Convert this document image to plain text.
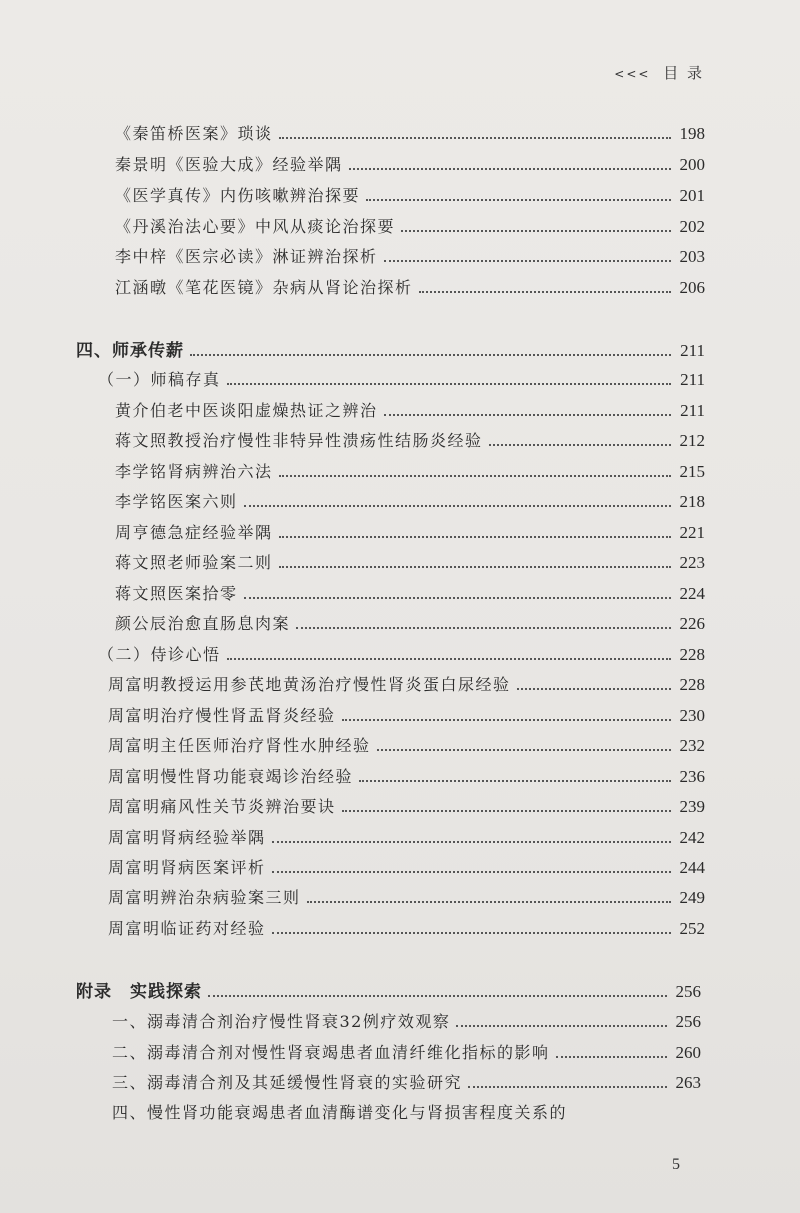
<<< 目 录
《秦笛桥医案》琐谈	198
秦景明《医验大成》经验举隅	200
《医学真传》内伤咳嗽辨治探要	201
《丹溪治法心要》中风从痰论治探要	202
李中梓《医宗必读》淋证辨治探析	203
江涵暾《笔花医镜》杂病从肾论治探析	206
四、师承传薪	211
（一）师稿存真	211
黄介伯老中医谈阳虚燥热证之辨治	211
蒋文照教授治疗慢性非特异性溃疡性结肠炎经验	212
李学铭肾病辨治六法	215
李学铭医案六则	218
周亨德急症经验举隅	221
蒋文照老师验案二则	223
蒋文照医案拾零	224
颜公辰治愈直肠息肉案	226
（二）侍诊心悟	228
周富明教授运用参芪地黄汤治疗慢性肾炎蛋白尿经验	228
周富明治疗慢性肾盂肾炎经验	230
周富明主任医师治疗肾性水肿经验	232
周富明慢性肾功能衰竭诊治经验	236
周富明痛风性关节炎辨治要诀	239
周富明肾病经验举隅	242
周富明肾病医案评析	244
周富明辨治杂病验案三则	249
周富明临证药对经验	252
附录　实践探索	256
一、溺毒清合剂治疗慢性肾衰32例疗效观察	256
二、溺毒清合剂对慢性肾衰竭患者血清纤维化指标的影响	260
三、溺毒清合剂及其延缓慢性肾衰的实验研究	263
四、慢性肾功能衰竭患者血清酶谱变化与肾损害程度关系的
5
